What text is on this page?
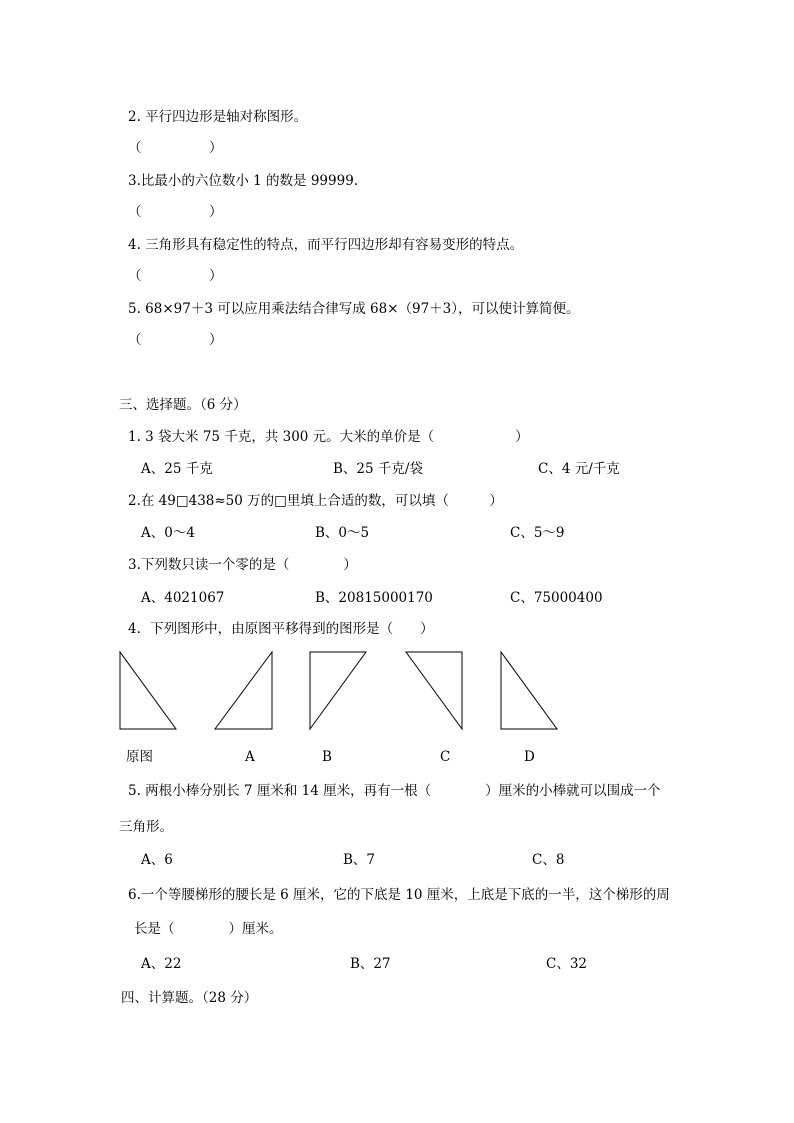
2. 平行四边形是轴对称图形。
（　　　　　）
3.比最小的六位数小 1 的数是 99999.
（　　　　　）
4. 三角形具有稳定性的特点，而平行四边形却有容易变形的特点。
（　　　　　）
5. 68×97＋3 可以应用乘法结合律写成 68×（97＋3），可以使计算简便。
（　　　　　）
三、选择题。（6 分）
1. 3 袋大米 75 千克，共 300 元。大米的单价是（　　　　　　）
A、25 千克	B、25 千克/袋	C、4 元/千克
2.在 49□438≈50 万的□里填上合适的数，可以填（　　　）
A、0～4	B、0～5	C、5～9
3.下列数只读一个零的是（　　　　）
A、4021067	B、20815000170	C、75000400
4．下列图形中，由原图平移得到的图形是（　　）
原图	A	B	C	D
5. 两根小棒分别长 7 厘米和 14 厘米，再有一根（　　　　）厘米的小棒就可以围成一个
三角形。
A、6	B、7	C、8
6.一个等腰梯形的腰长是 6 厘米，它的下底是 10 厘米，上底是下底的一半，这个梯形的周
长是（　　　　）厘米。
A、22	B、27	C、32
四、计算题。（28 分）
